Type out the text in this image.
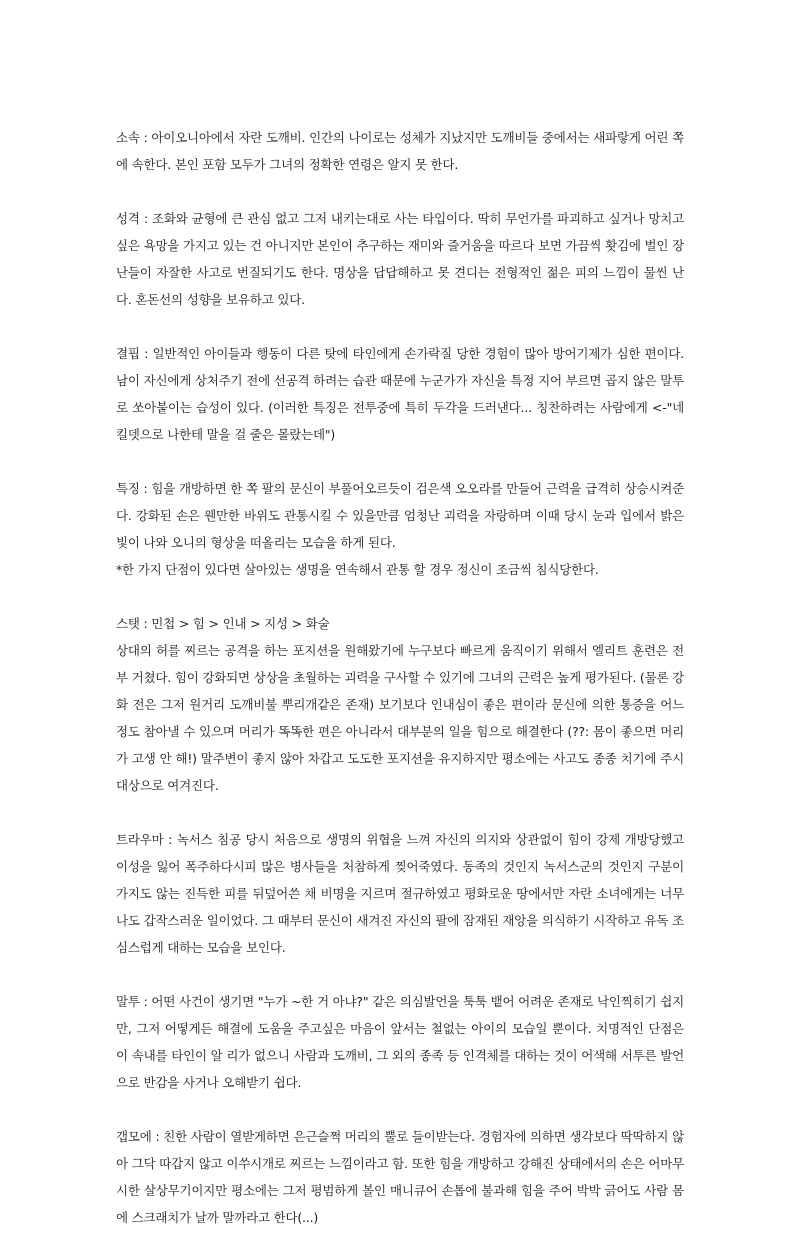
소속 : 아이오니아에서 자란 도깨비. 인간의 나이로는 성체가 지났지만 도깨비들 중에서는 새파랗게 어린 쪽에 속한다. 본인 포함 모두가 그녀의 정확한 연령은 알지 못 한다.

성격 : 조화와 균형에 큰 관심 없고 그저 내키는대로 사는 타입이다. 딱히 무언가를 파괴하고 싶거나 망치고 싶은 욕망을 가지고 있는 건 아니지만 본인이 추구하는 재미와 즐거움을 따르다 보면 가끔씩 홧김에 벌인 장난들이 자잘한 사고로 번질되기도 한다. 명상을 답답해하고 못 견디는 전형적인 젊은 피의 느낌이 물씬 난다. 혼돈선의 성향을 보유하고 있다.

결핍 : 일반적인 아이들과 행동이 다른 탓에 타인에게 손가락질 당한 경험이 많아 방어기제가 심한 편이다. 남이 자신에게 상처주기 전에 선공격 하려는 습관 때문에 누군가가 자신을 특정 지어 부르면 곱지 않은 말투로 쏘아붙이는 습성이 있다. (이러한 특징은 전투중에 특히 두각을 드러낸다... 칭찬하려는 사람에게 <-"네 킬뎃으로 나한테 말을 걸 줄은 몰랐는데")

특징 : 힘을 개방하면 한 쪽 팔의 문신이 부풀어오르듯이 검은색 오오라를 만들어 근력을 급격히 상승시켜준다. 강화된 손은 웬만한 바위도 관통시킬 수 있을만큼 엄청난 괴력을 자랑하며 이때 당시 눈과 입에서 밝은 빛이 나와 오니의 형상을 떠올리는 모습을 하게 된다.

*한 가지 단점이 있다면 살아있는 생명을 연속해서 관통 할 경우 정신이 조금씩 침식당한다.

스탯 : 민첩 > 힘 > 인내 > 지성 > 화술

상대의 허를 찌르는 공격을 하는 포지션을 원해왔기에 누구보다 빠르게 움직이기 위해서 엘리트 훈련은 전부 거쳤다. 힘이 강화되면 상상을 초월하는 괴력을 구사할 수 있기에 그녀의 근력은 높게 평가된다. (물론 강화 전은 그저 원거리 도깨비불 뿌리개같은 존재) 보기보다 인내심이 좋은 편이라 문신에 의한 통증을 어느정도 참아낼 수 있으며 머리가 똑똑한 편은 아니라서 대부분의 일을 힘으로 해결한다 (??: 몸이 좋으면 머리가 고생 안 해!) 말주변이 좋지 않아 차갑고 도도한 포지션을 유지하지만 평소에는 사고도 종종 치기에 주시대상으로 여겨진다.

트라우마 : 녹서스 침공 당시 처음으로 생명의 위협을 느껴 자신의 의지와 상관없이 힘이 강제 개방당했고 이성을 잃어 폭주하다시피 많은 병사들을 처참하게 찢어죽였다. 동족의 것인지 녹서스군의 것인지 구분이 가지도 않는 진득한 피를 뒤덮어쓴 채 비명을 지르며 절규하였고 평화로운 땅에서만 자란 소녀에게는 너무나도 갑작스러운 일이었다. 그 때부터 문신이 새겨진 자신의 팔에 잠재된 재앙을 의식하기 시작하고 유독 조심스럽게 대하는 모습을 보인다.

말투 : 어떤 사건이 생기면 "누가 ~한 거 아냐?" 같은 의심발언을 툭툭 뱉어 어려운 존재로 낙인찍히기 쉽지만, 그저 어떻게든 해결에 도움을 주고싶은 마음이 앞서는 철없는 아이의 모습일 뿐이다. 치명적인 단점은 이 속내를 타인이 알 리가 없으니 사람과 도깨비, 그 외의 종족 등 인격체를 대하는 것이 어색해 서투른 발언으로 반감을 사거나 오해받기 쉽다.

갭모에 : 친한 사람이 열받게하면 은근슬쩍 머리의 뿔로 들이받는다. 경험자에 의하면 생각보다 딱딱하지 않아 그닥 따갑지 않고 이쑤시개로 찌르는 느낌이라고 함. 또한 힘을 개방하고 강해진 상태에서의 손은 어마무시한 살상무기이지만 평소에는 그저 평범하게 볼인 매니큐어 손톱에 불과해 힘을 주어 박박 긁어도 사람 몸에 스크래치가 날까 말까라고 한다(...)
